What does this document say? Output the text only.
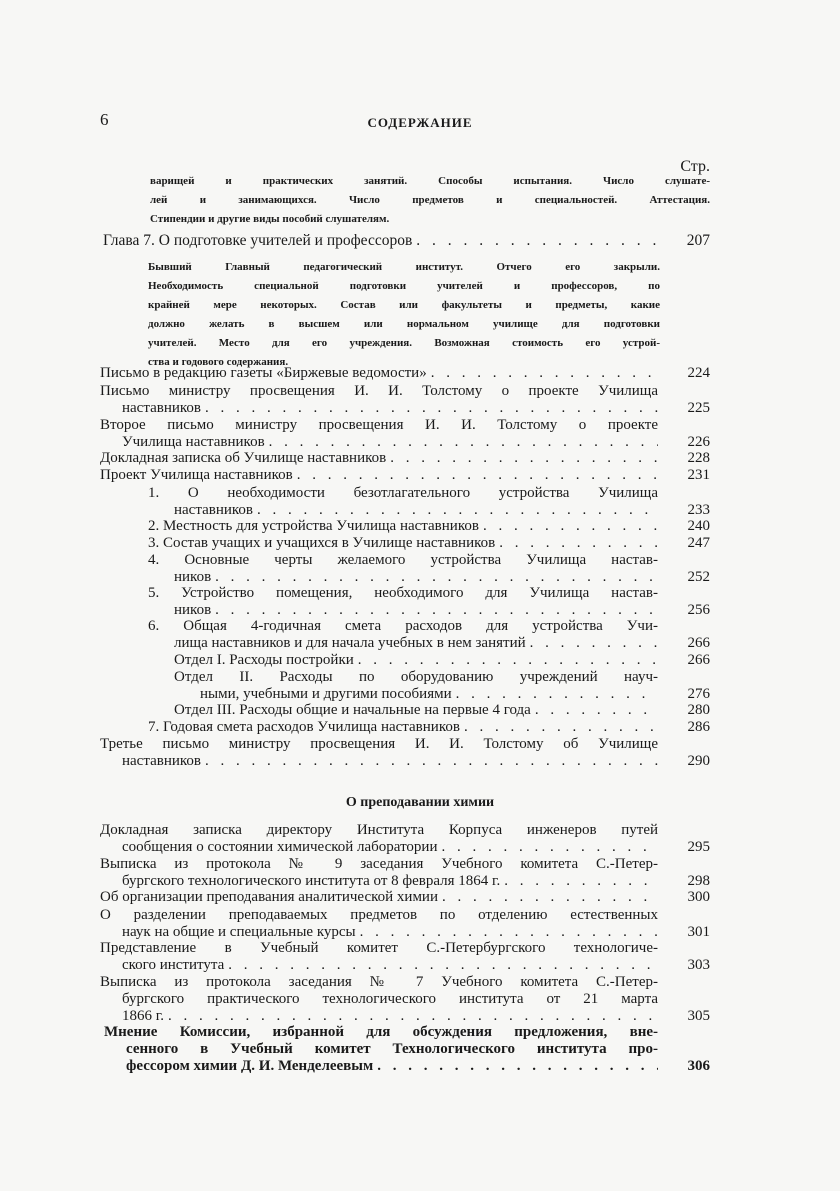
6	СОДЕРЖАНИЕ
Стр.
варищей и практических занятий. Способы испытания. Число слушате-
лей и занимающихся. Число предметов и специальностей. Аттестация.
Стипендии и другие виды пособий слушателям.
Глава 7. О подготовке учителей и профессоров . . .	207
Бывший Главный педагогический институт. Отчего его закрыли.
Необходимость специальной подготовки учителей и профессоров, по
крайней мере некоторых. Состав или факультеты и предметы, какие
должно желать в высшем или нормальном училище для подготовки
учителей. Место для его учреждения. Возможная стоимость его устрой-
ства и годового содержания.
Письмо в редакцию газеты «Биржевые ведомости» . . .	224
Письмо министру просвещения И. И. Толстому о проекте Училища
наставников . . .	225
Второе письмо министру просвещения И. И. Толстому о проекте
Училища наставников . . .	226
Докладная записка об Училище наставников . . .	228
Проект Училища наставников . . .	231
1. О необходимости безотлагательного устройства Училища
наставников . . .	233
2. Местность для устройства Училища наставников . . .	240
3. Состав учащих и учащихся в Училище наставников . . .	247
4. Основные черты желаемого устройства Училища настав-
ников . . .	252
5. Устройство помещения, необходимого для Училища настав-
ников . . .	256
6. Общая 4-годичная смета расходов для устройства Учи-
лища наставников и для начала учебных в нем занятий . . .	266
Отдел I. Расходы постройки . . .	266
Отдел II. Расходы по оборудованию учреждений науч-
ными, учебными и другими пособиями . . .	276
Отдел III. Расходы общие и начальные на первые 4 года . . .	280
7. Годовая смета расходов Училища наставников . . .	286
Третье письмо министру просвещения И. И. Толстому об Училище
наставников . . .	290
О преподавании химии
Докладная записка директору Института Корпуса инженеров путей
сообщения о состоянии химической лаборатории . . .	295
Выписка из протокола № 9 заседания Учебного комитета С.-Петер-
бургского технологического института от 8 февраля 1864 г. . . .	298
Об организации преподавания аналитической химии . . .	300
О разделении преподаваемых предметов по отделению естественных
наук на общие и специальные курсы . . .	301
Представление в Учебный комитет С.-Петербургского технологиче-
ского института . . .	303
Выписка из протокола заседания № 7 Учебного комитета С.-Петер-
бургского практического технологического института от 21 марта
1866 г. . . .	305
Мнение Комиссии, избранной для обсуждения предложения, вне-
сенного в Учебный комитет Технологического института про-
фессором химии Д. И. Менделеевым . . .	306
